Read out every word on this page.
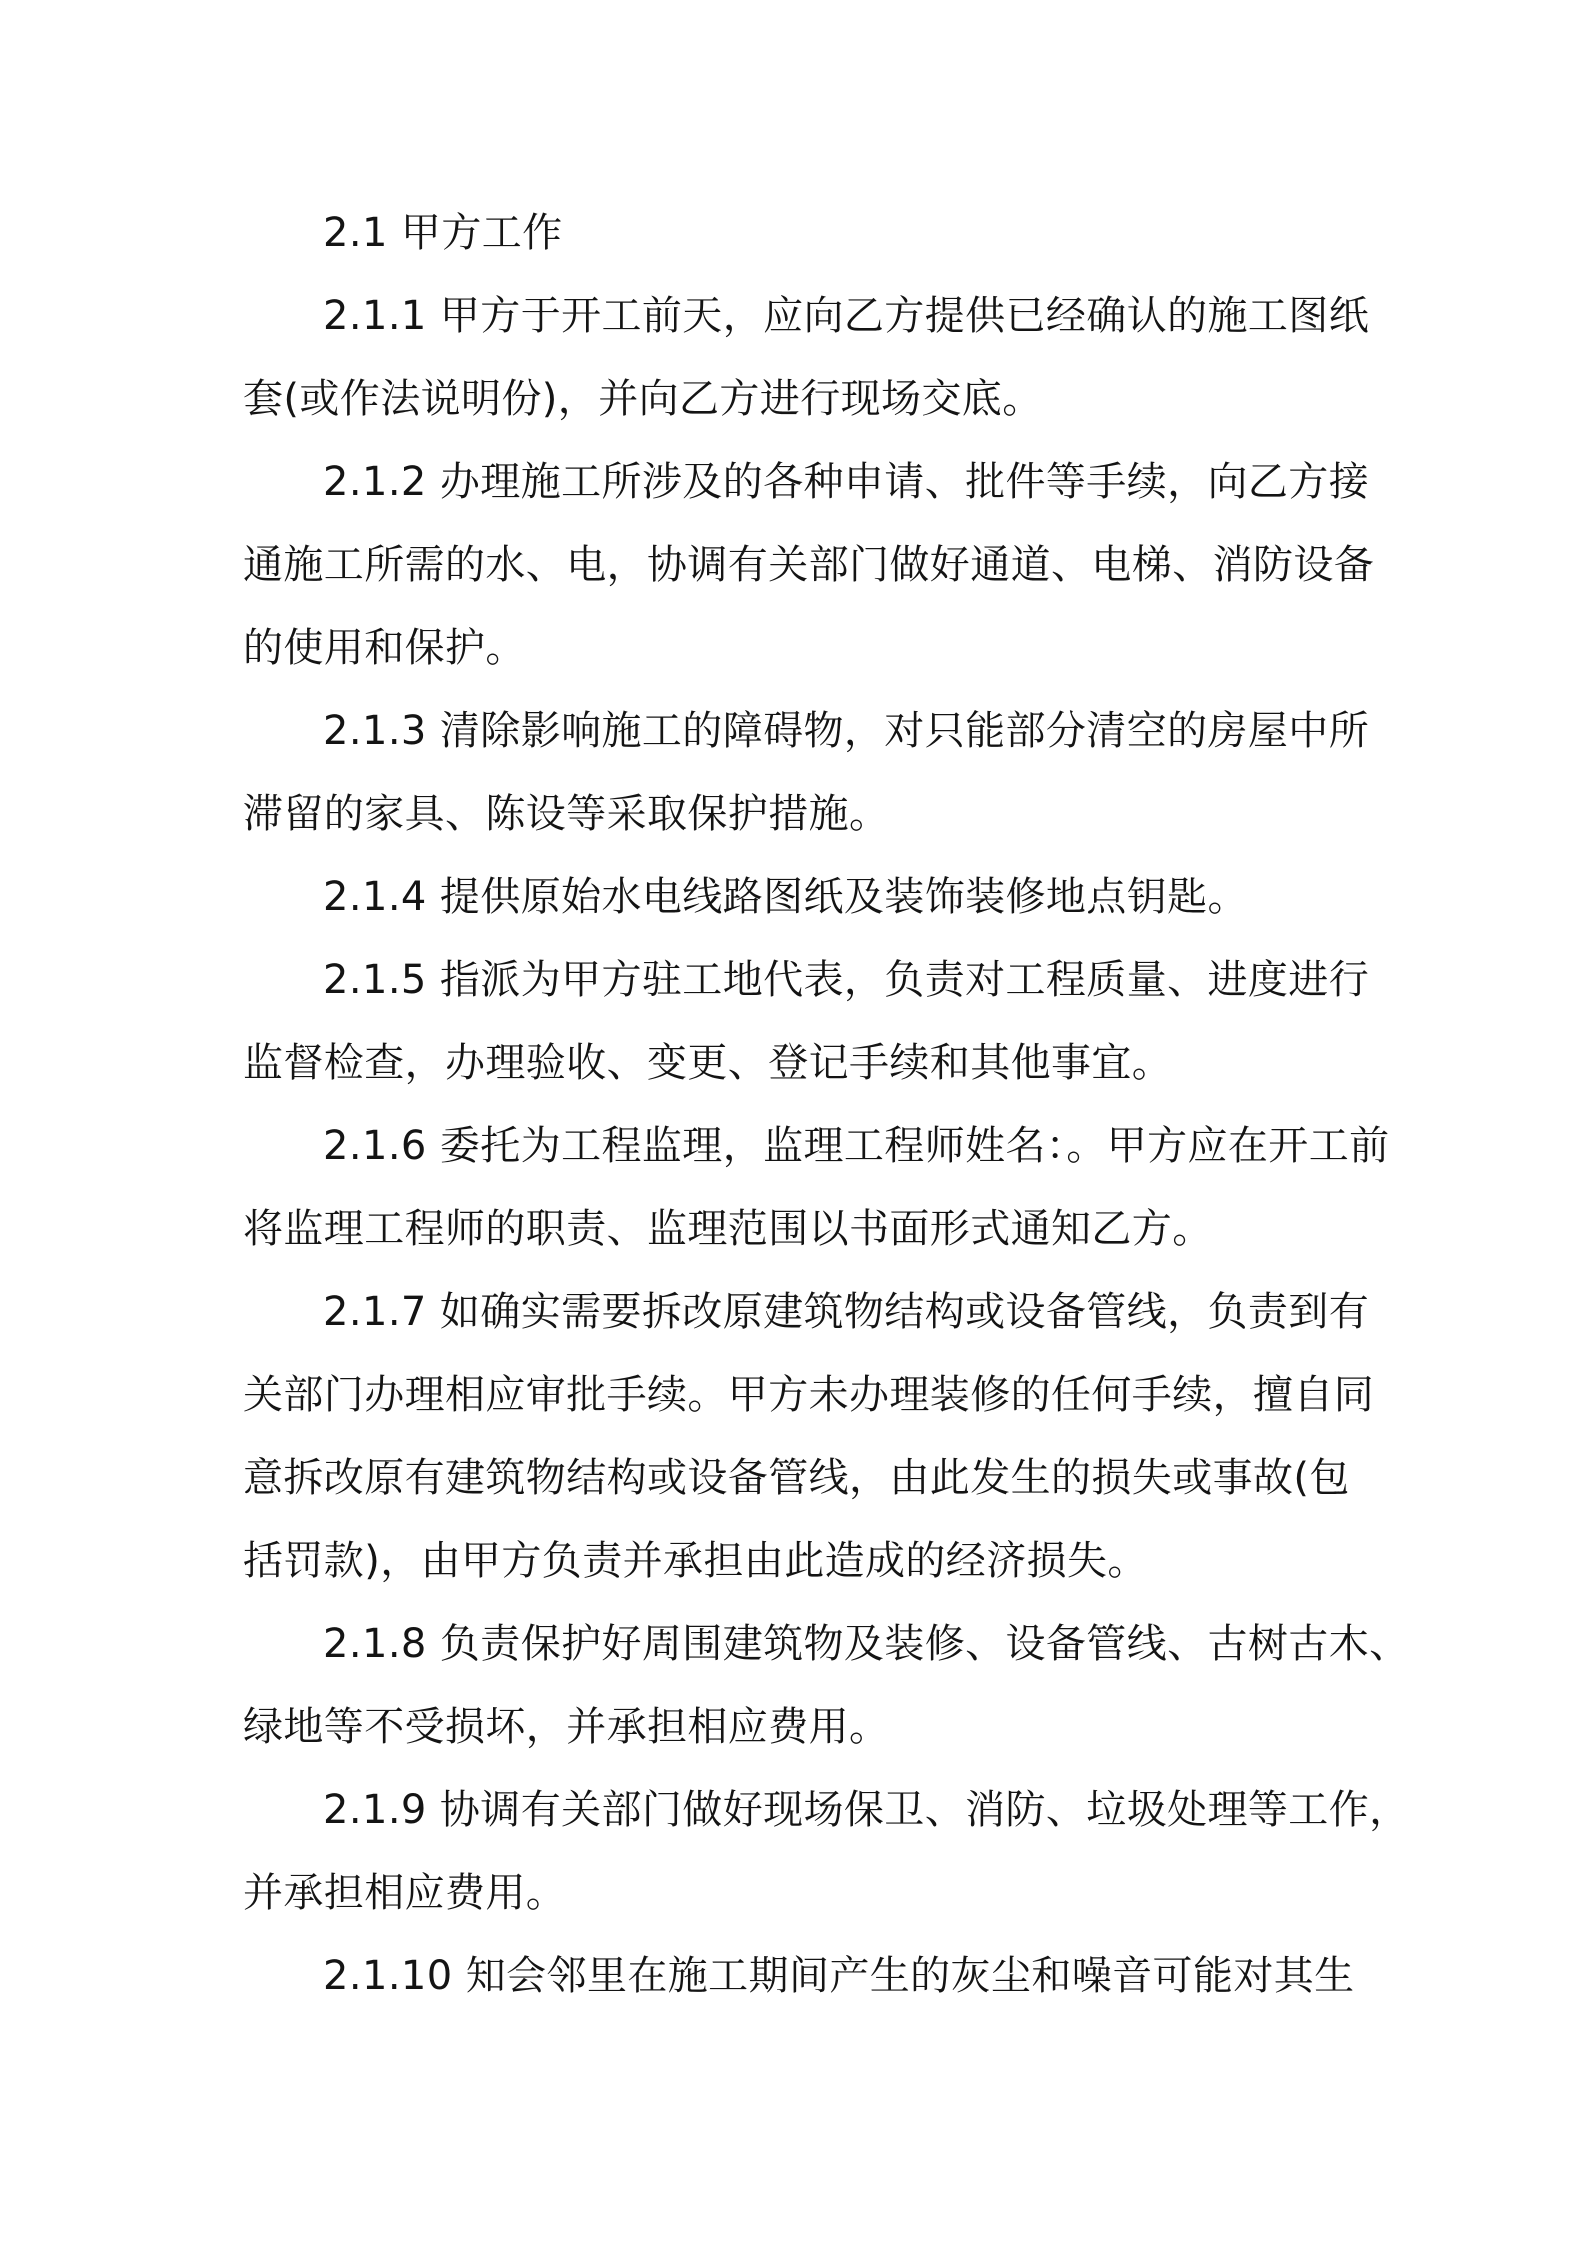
2.1 甲方工作
2.1.1 甲方于开工前天，应向乙方提供已经确认的施工图纸
套(或作法说明份)，并向乙方进行现场交底。
2.1.2 办理施工所涉及的各种申请、批件等手续，向乙方接
通施工所需的水、电，协调有关部门做好通道、电梯、消防设备
的使用和保护。
2.1.3 清除影响施工的障碍物，对只能部分清空的房屋中所
滞留的家具、陈设等采取保护措施。
2.1.4 提供原始水电线路图纸及装饰装修地点钥匙。
2.1.5 指派为甲方驻工地代表，负责对工程质量、进度进行
监督检查，办理验收、变更、登记手续和其他事宜。
2.1.6 委托为工程监理，监理工程师姓名：。甲方应在开工前
将监理工程师的职责、监理范围以书面形式通知乙方。
2.1.7 如确实需要拆改原建筑物结构或设备管线，负责到有
关部门办理相应审批手续。甲方未办理装修的任何手续，擅自同
意拆改原有建筑物结构或设备管线，由此发生的损失或事故(包
括罚款)，由甲方负责并承担由此造成的经济损失。
2.1.8 负责保护好周围建筑物及装修、设备管线、古树古木、
绿地等不受损坏，并承担相应费用。
2.1.9 协调有关部门做好现场保卫、消防、垃圾处理等工作，
并承担相应费用。
2.1.10 知会邻里在施工期间产生的灰尘和噪音可能对其生
